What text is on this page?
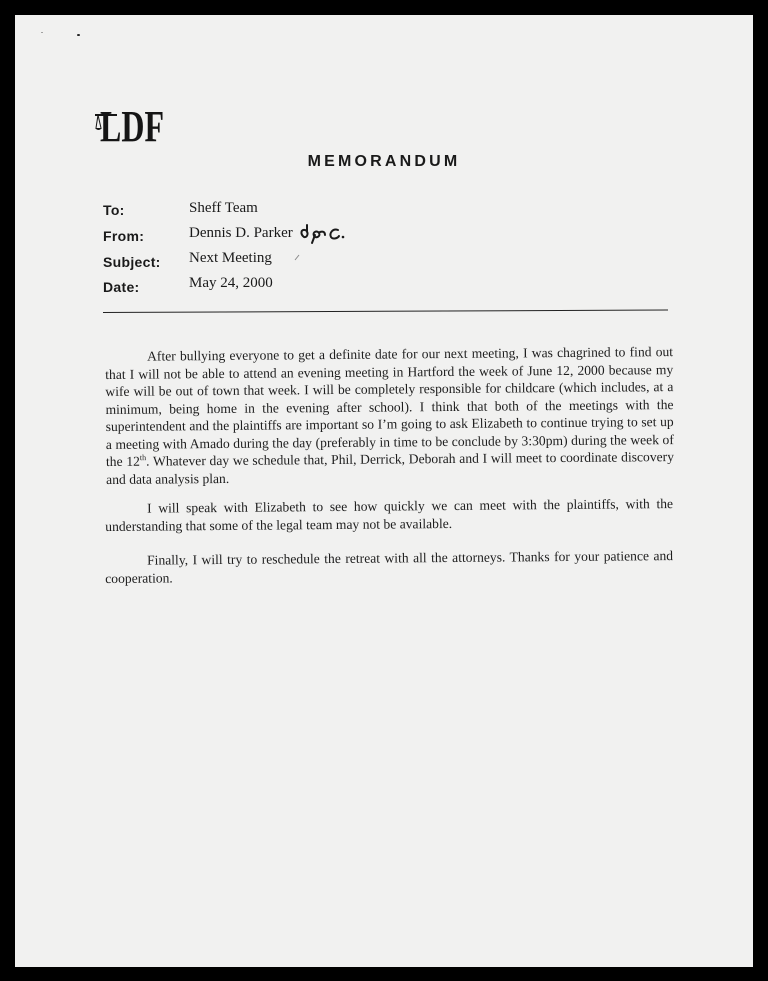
LDF
MEMORANDUM
To:	Sheff Team
From:	Dennis D. Parker
Subject: Next Meeting
Date:	May 24, 2000

After bullying everyone to get a definite date for our next meeting, I was chagrined to find out that I will not be able to attend an evening meeting in Hartford the week of June 12, 2000 because my wife will be out of town that week. I will be completely responsible for childcare (which includes, at a minimum, being home in the evening after school). I think that both of the meetings with the superintendent and the plaintiffs are important so I’m going to ask Elizabeth to continue trying to set up a meeting with Amado during the day (preferably in time to be conclude by 3:30pm) during the week of the 12th. Whatever day we schedule that, Phil, Derrick, Deborah and I will meet to coordinate discovery and data analysis plan.

I will speak with Elizabeth to see how quickly we can meet with the plaintiffs, with the understanding that some of the legal team may not be available.

Finally, I will try to reschedule the retreat with all the attorneys. Thanks for your patience and cooperation.
